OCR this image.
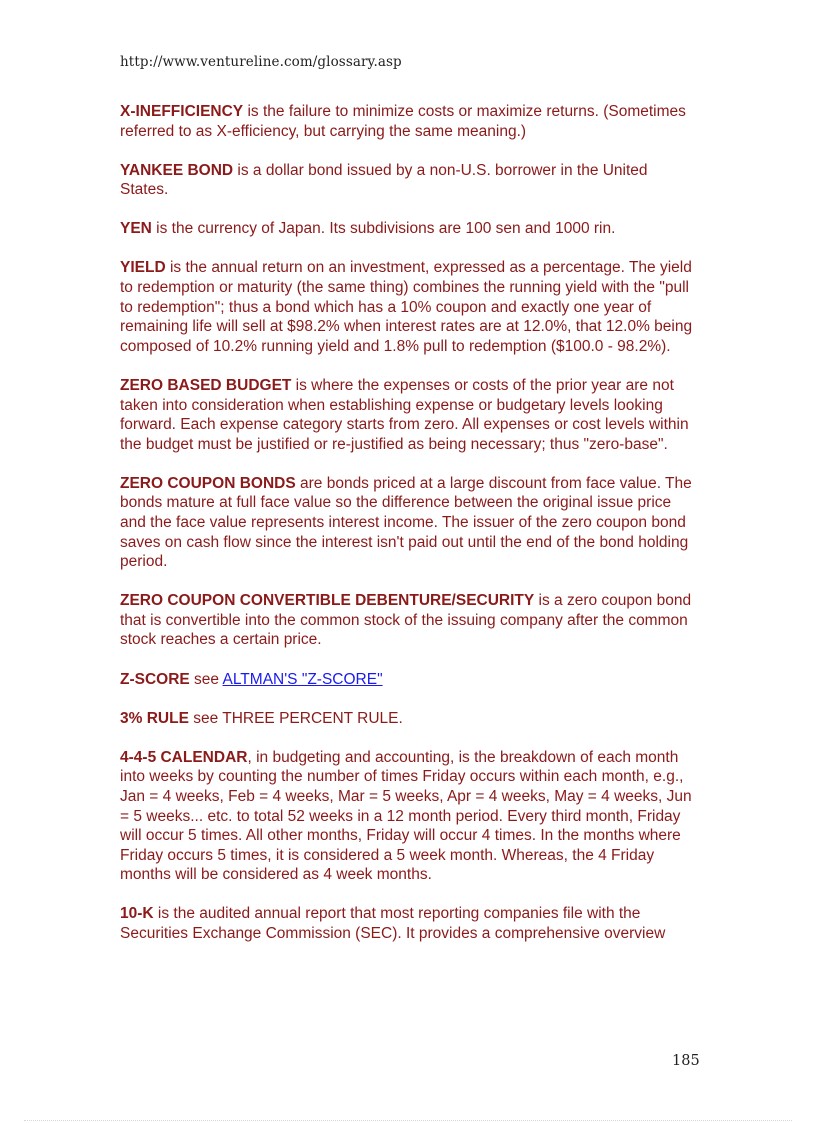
http://www.ventureline.com/glossary.asp

X-INEFFICIENCY is the failure to minimize costs or maximize returns. (Sometimes referred to as X-efficiency, but carrying the same meaning.)

YANKEE BOND is a dollar bond issued by a non-U.S. borrower in the United States.

YEN is the currency of Japan. Its subdivisions are 100 sen and 1000 rin.

YIELD is the annual return on an investment, expressed as a percentage. The yield to redemption or maturity (the same thing) combines the running yield with the "pull to redemption"; thus a bond which has a 10% coupon and exactly one year of remaining life will sell at $98.2% when interest rates are at 12.0%, that 12.0% being composed of 10.2% running yield and 1.8% pull to redemption ($100.0 - 98.2%).

ZERO BASED BUDGET is where the expenses or costs of the prior year are not taken into consideration when establishing expense or budgetary levels looking forward. Each expense category starts from zero. All expenses or cost levels within the budget must be justified or re-justified as being necessary; thus "zero-base".

ZERO COUPON BONDS are bonds priced at a large discount from face value. The bonds mature at full face value so the difference between the original issue price and the face value represents interest income. The issuer of the zero coupon bond saves on cash flow since the interest isn't paid out until the end of the bond holding period.

ZERO COUPON CONVERTIBLE DEBENTURE/SECURITY is a zero coupon bond that is convertible into the common stock of the issuing company after the common stock reaches a certain price.

Z-SCORE see ALTMAN'S "Z-SCORE"

3% RULE see THREE PERCENT RULE.

4-4-5 CALENDAR, in budgeting and accounting, is the breakdown of each month into weeks by counting the number of times Friday occurs within each month, e.g., Jan = 4 weeks, Feb = 4 weeks, Mar = 5 weeks, Apr = 4 weeks, May = 4 weeks, Jun = 5 weeks... etc. to total 52 weeks in a 12 month period. Every third month, Friday will occur 5 times. All other months, Friday will occur 4 times. In the months where Friday occurs 5 times, it is considered a 5 week month. Whereas, the 4 Friday months will be considered as 4 week months.

10-K is the audited annual report that most reporting companies file with the Securities Exchange Commission (SEC). It provides a comprehensive overview

185
